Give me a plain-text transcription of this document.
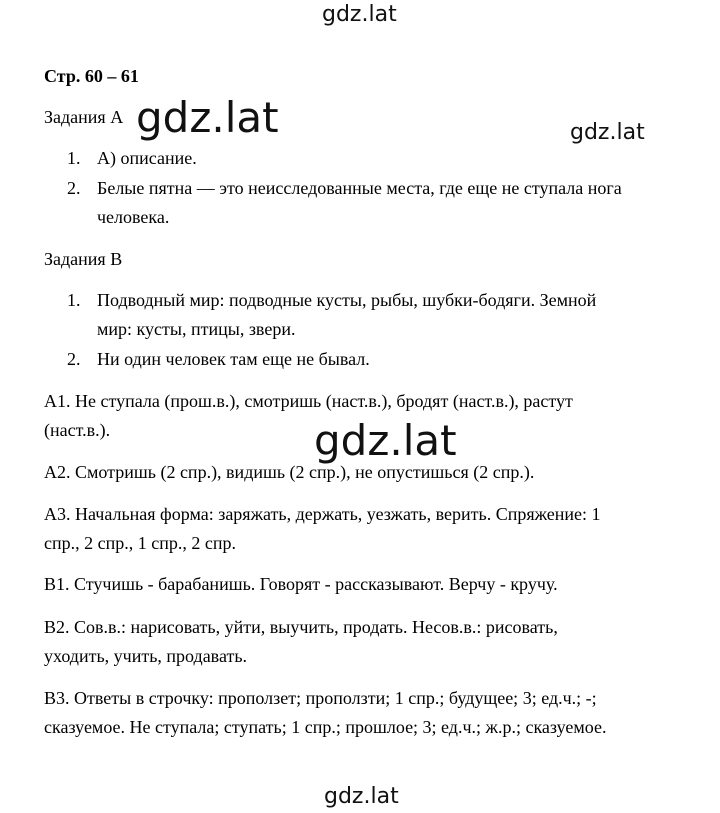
gdz.lat
gdz.lat	gdz.lat
gdz.lat
gdz.lat
Стр. 60 – 61
Задания А
1. А) описание.
2. Белые пятна — это неисследованные места, где еще не ступала нога
человека.
Задания В
1. Подводный мир: подводные кусты, рыбы, шубки-бодяги. Земной
мир: кусты, птицы, звери.
2. Ни один человек там еще не бывал.
А1. Не ступала (прош.в.), смотришь (наст.в.), бродят (наст.в.), растут
(наст.в.).
А2. Смотришь (2 спр.), видишь (2 спр.), не опустишься (2 спр.).
А3. Начальная форма: заряжать, держать, уезжать, верить. Спряжение: 1
спр., 2 спр., 1 спр., 2 спр.
В1. Стучишь - барабанишь. Говорят - рассказывают. Верчу - кручу.
В2. Сов.в.: нарисовать, уйти, выучить, продать. Несов.в.: рисовать,
уходить, учить, продавать.
В3. Ответы в строчку: проползет; проползти; 1 спр.; будущее; 3; ед.ч.; -;
сказуемое. Не ступала; ступать; 1 спр.; прошлое; 3; ед.ч.; ж.р.; сказуемое.
